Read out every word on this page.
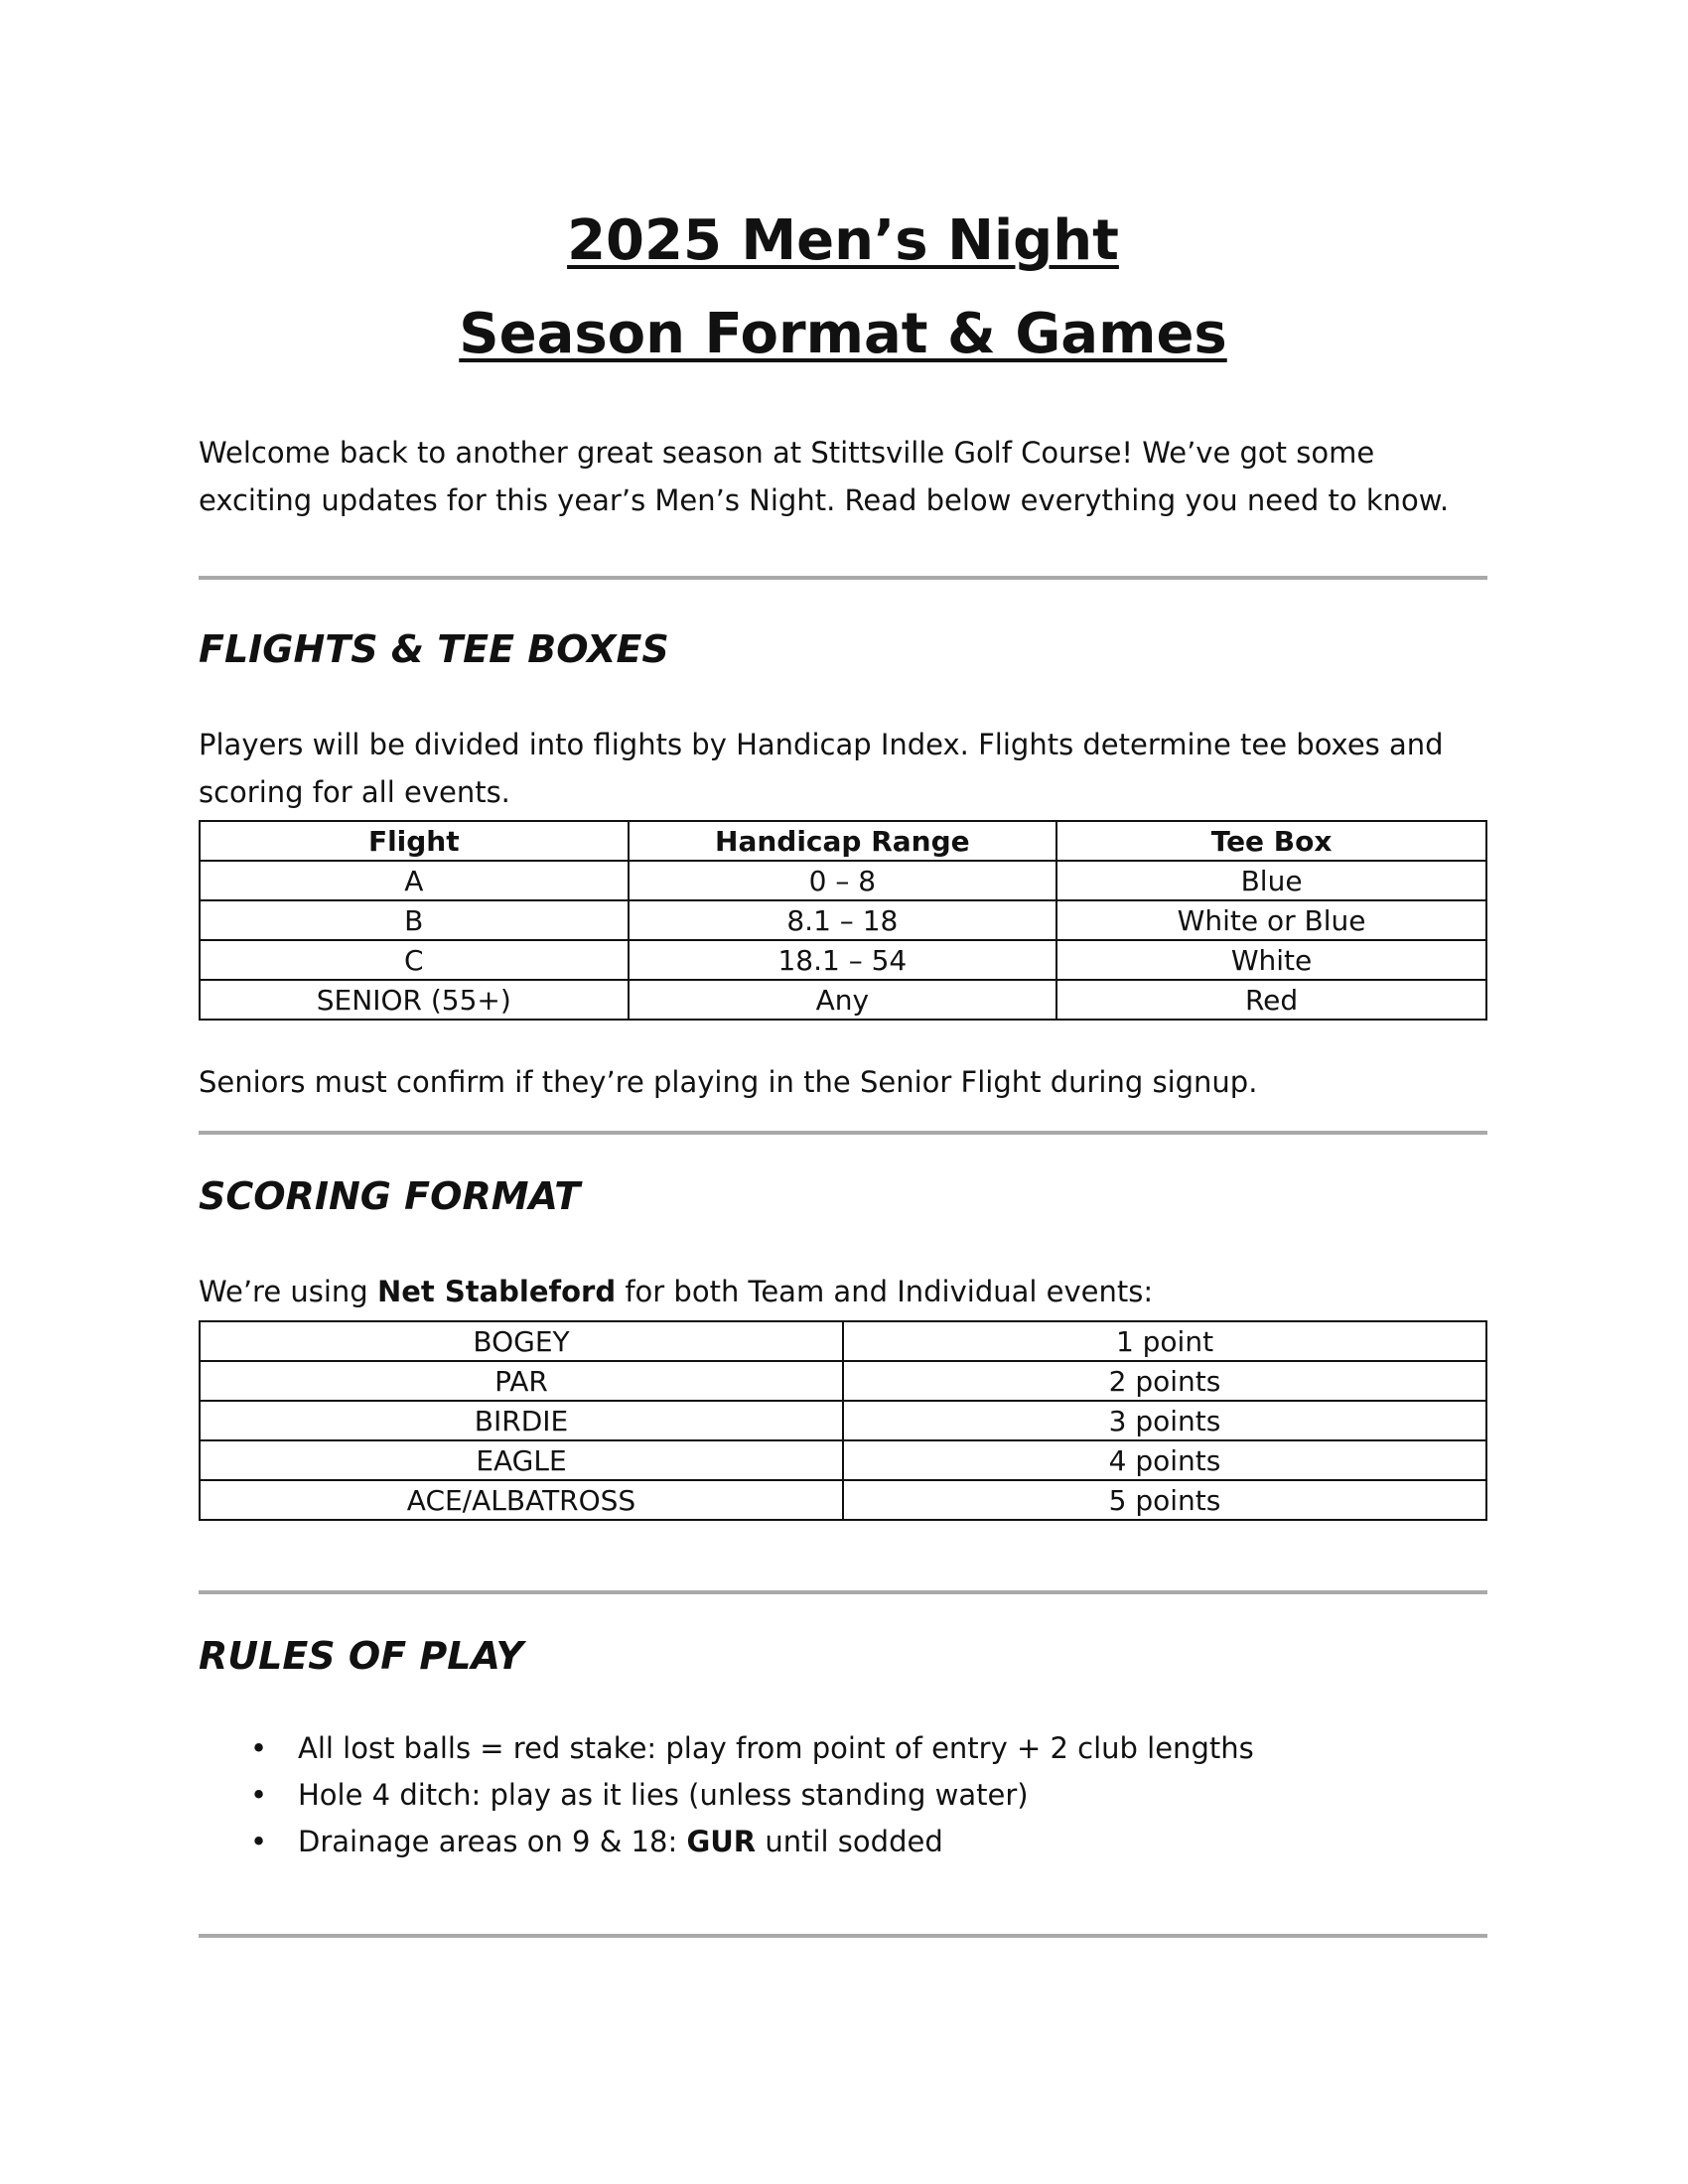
2025 Men’s Night

Season Format & Games

Welcome back to another great season at Stittsville Golf Course! We’ve got some exciting updates for this year’s Men’s Night. Read below everything you need to know.

FLIGHTS & TEE BOXES

Players will be divided into flights by Handicap Index. Flights determine tee boxes and scoring for all events.

Flight	Handicap Range	Tee Box
A	0 – 8	Blue
B	8.1 – 18	White or Blue
C	18.1 – 54	White
SENIOR (55+)	Any	Red

Seniors must confirm if they’re playing in the Senior Flight during signup.

SCORING FORMAT

We’re using Net Stableford for both Team and Individual events:

BOGEY	1 point
PAR	2 points
BIRDIE	3 points
EAGLE	4 points
ACE/ALBATROSS	5 points
RULES OF PLAY
• All lost balls = red stake: play from point of entry + 2 club lengths
• Hole 4 ditch: play as it lies (unless standing water)
• Drainage areas on 9 & 18: GUR until sodded
